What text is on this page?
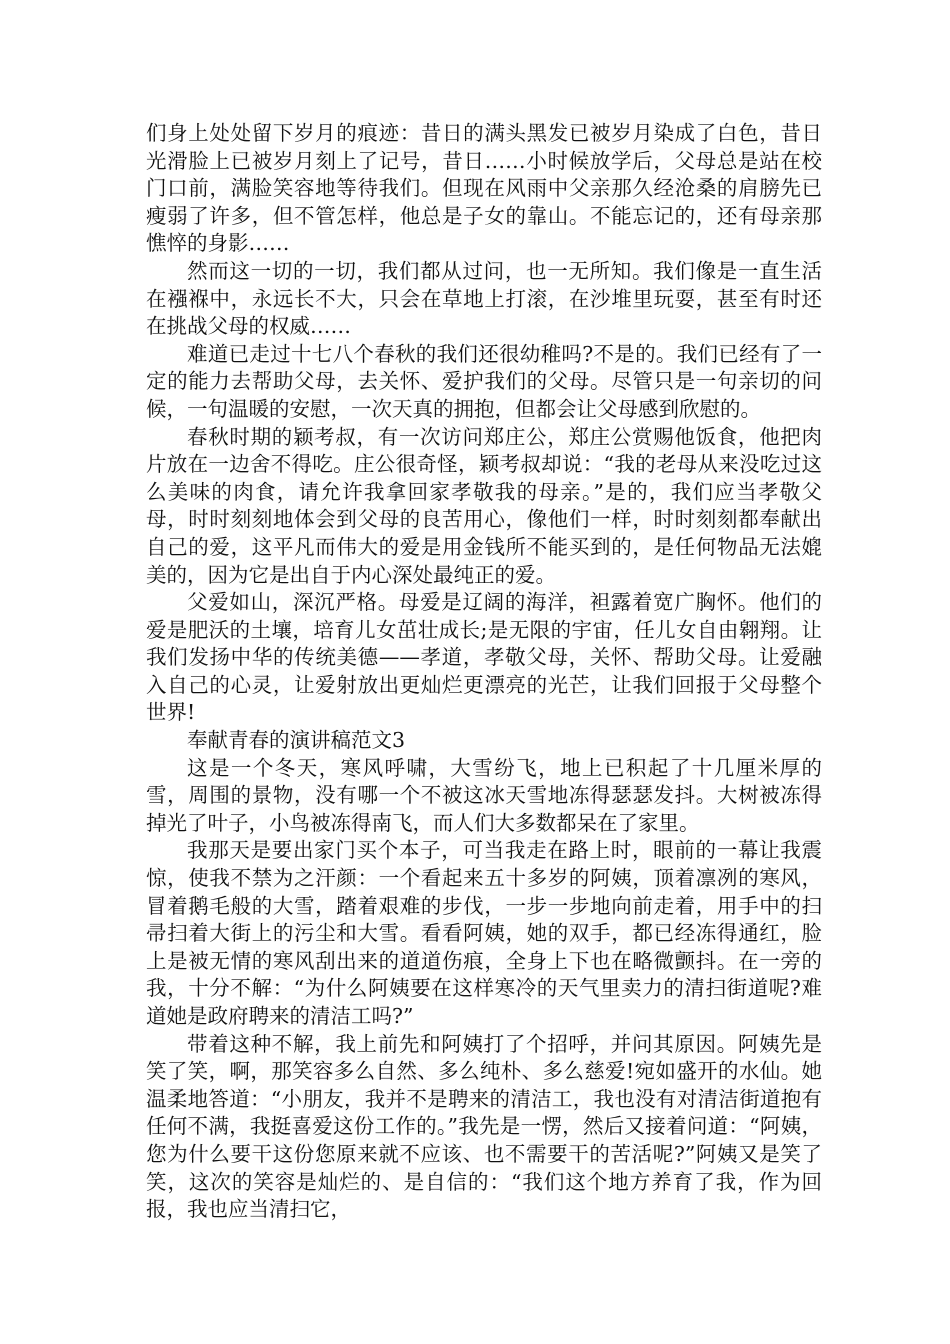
们身上处处留下岁月的痕迹：昔日的满头黑发已被岁月染成了白色，昔日光滑脸上已被岁月刻上了记号，昔日……小时候放学后，父母总是站在校门口前，满脸笑容地等待我们。但现在风雨中父亲那久经沧桑的肩膀先已瘦弱了许多，但不管怎样，他总是子女的靠山。不能忘记的，还有母亲那憔悴的身影……

然而这一切的一切，我们都从过问，也一无所知。我们像是一直生活在襁褓中，永远长不大，只会在草地上打滚，在沙堆里玩耍，甚至有时还在挑战父母的权威……

难道已走过十七八个春秋的我们还很幼稚吗?不是的。我们已经有了一定的能力去帮助父母，去关怀、爱护我们的父母。尽管只是一句亲切的问候，一句温暖的安慰，一次天真的拥抱，但都会让父母感到欣慰的。

春秋时期的颖考叔，有一次访问郑庄公，郑庄公赏赐他饭食，他把肉片放在一边舍不得吃。庄公很奇怪，颖考叔却说：“我的老母从来没吃过这么美味的肉食，请允许我拿回家孝敬我的母亲。”是的，我们应当孝敬父母，时时刻刻地体会到父母的良苦用心，像他们一样，时时刻刻都奉献出自己的爱，这平凡而伟大的爱是用金钱所不能买到的，是任何物品无法媲美的，因为它是出自于内心深处最纯正的爱。

父爱如山，深沉严格。母爱是辽阔的海洋，袒露着宽广胸怀。他们的爱是肥沃的土壤，培育儿女茁壮成长;是无限的宇宙，任儿女自由翱翔。让我们发扬中华的传统美德——孝道，孝敬父母，关怀、帮助父母。让爱融入自己的心灵，让爱射放出更灿烂更漂亮的光芒，让我们回报于父母整个世界!

奉献青春的演讲稿范文3

这是一个冬天，寒风呼啸，大雪纷飞，地上已积起了十几厘米厚的雪，周围的景物，没有哪一个不被这冰天雪地冻得瑟瑟发抖。大树被冻得掉光了叶子，小鸟被冻得南飞，而人们大多数都呆在了家里。

我那天是要出家门买个本子，可当我走在路上时，眼前的一幕让我震惊，使我不禁为之汗颜：一个看起来五十多岁的阿姨，顶着凛冽的寒风，冒着鹅毛般的大雪，踏着艰难的步伐，一步一步地向前走着，用手中的扫帚扫着大街上的污尘和大雪。看看阿姨，她的双手，都已经冻得通红，脸上是被无情的寒风刮出来的道道伤痕，全身上下也在略微颤抖。在一旁的我，十分不解：“为什么阿姨要在这样寒冷的天气里卖力的清扫街道呢?难道她是政府聘来的清洁工吗?”

带着这种不解，我上前先和阿姨打了个招呼，并问其原因。阿姨先是笑了笑，啊，那笑容多么自然、多么纯朴、多么慈爱!宛如盛开的水仙。她温柔地答道：“小朋友，我并不是聘来的清洁工，我也没有对清洁街道抱有任何不满，我挺喜爱这份工作的。”我先是一愣，然后又接着问道：“阿姨，您为什么要干这份您原来就不应该、也不需要干的苦活呢?”阿姨又是笑了笑，这次的笑容是灿烂的、是自信的：“我们这个地方养育了我，作为回报，我也应当清扫它，
